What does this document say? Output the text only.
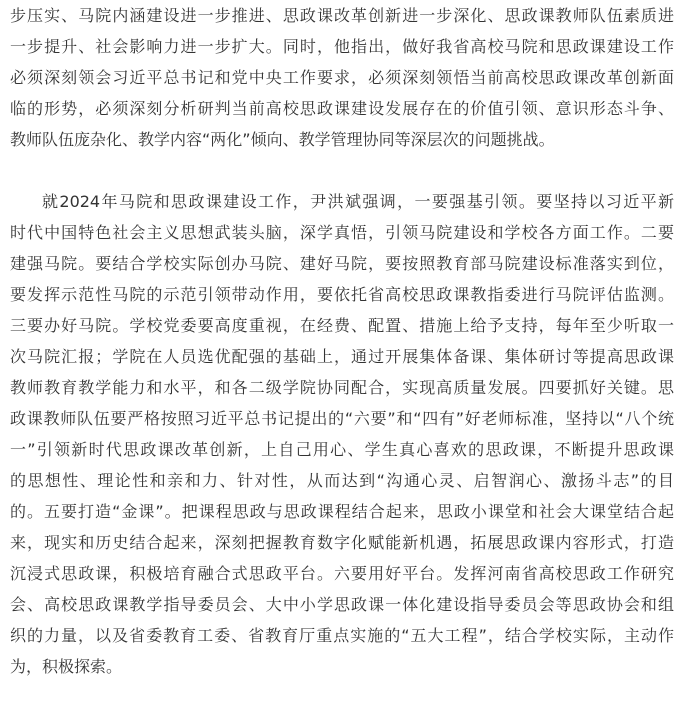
步压实、马院内涵建设进一步推进、思政课改革创新进一步深化、思政课教师队伍素质进
一步提升、社会影响力进一步扩大。同时，他指出，做好我省高校马院和思政课建设工作
必须深刻领会习近平总书记和党中央工作要求，必须深刻领悟当前高校思政课改革创新面
临的形势，必须深刻分析研判当前高校思政课建设发展存在的价值引领、意识形态斗争、
教师队伍庞杂化、教学内容“两化”倾向、教学管理协同等深层次的问题挑战。
就2024年马院和思政课建设工作，尹洪斌强调，一要强基引领。要坚持以习近平新
时代中国特色社会主义思想武装头脑，深学真悟，引领马院建设和学校各方面工作。二要
建强马院。要结合学校实际创办马院、建好马院，要按照教育部马院建设标准落实到位，
要发挥示范性马院的示范引领带动作用，要依托省高校思政课教指委进行马院评估监测。
三要办好马院。学校党委要高度重视，在经费、配置、措施上给予支持，每年至少听取一
次马院汇报；学院在人员选优配强的基础上，通过开展集体备课、集体研讨等提高思政课
教师教育教学能力和水平，和各二级学院协同配合，实现高质量发展。四要抓好关键。思
政课教师队伍要严格按照习近平总书记提出的“六要”和“四有”好老师标准，坚持以“八个统
一”引领新时代思政课改革创新，上自己用心、学生真心喜欢的思政课，不断提升思政课
的思想性、理论性和亲和力、针对性，从而达到“沟通心灵、启智润心、激扬斗志”的目
的。五要打造“金课”。把课程思政与思政课程结合起来，思政小课堂和社会大课堂结合起
来，现实和历史结合起来，深刻把握教育数字化赋能新机遇，拓展思政课内容形式，打造
沉浸式思政课，积极培育融合式思政平台。六要用好平台。发挥河南省高校思政工作研究
会、高校思政课教学指导委员会、大中小学思政课一体化建设指导委员会等思政协会和组
织的力量，以及省委教育工委、省教育厅重点实施的“五大工程”，结合学校实际，主动作
为，积极探索。
